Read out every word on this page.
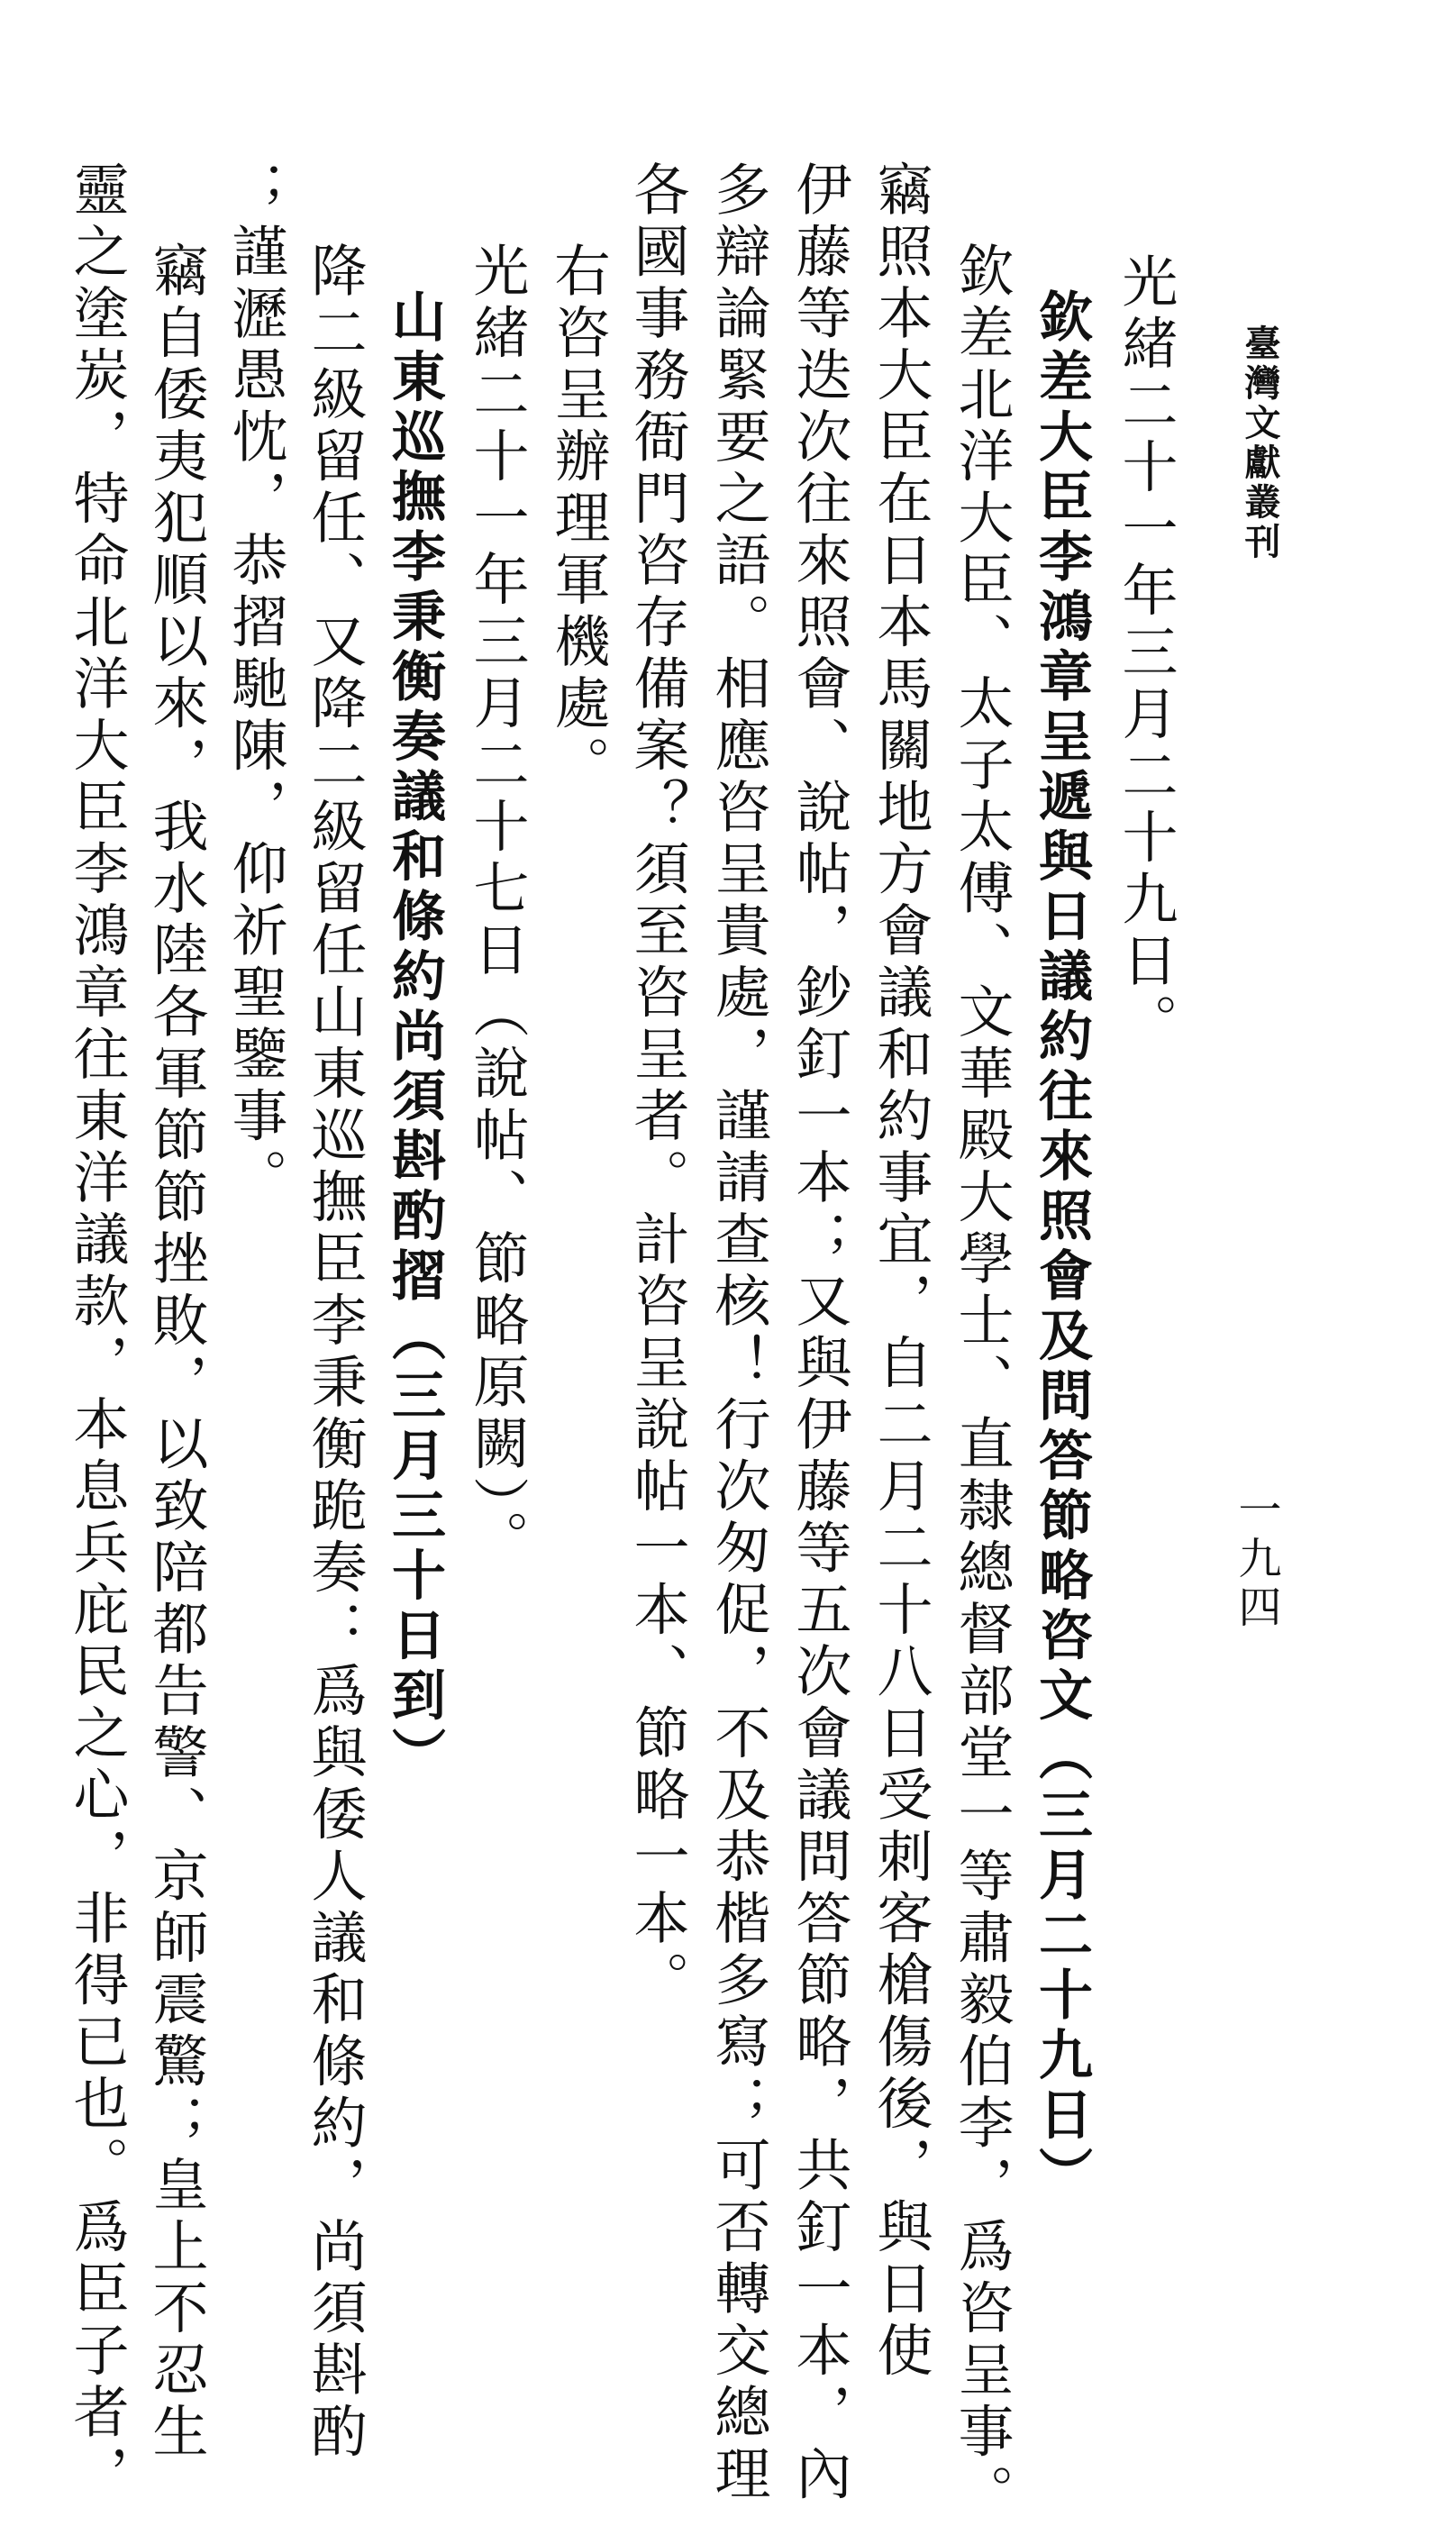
臺灣文獻叢刊
一九四
光緒二十一年三月二十九日。
欽差大臣李鴻章呈遞與日議約往來照會及問答節略咨文（三月二十九日）
欽差北洋大臣、太子太傅、文華殿大學士、直隸總督部堂一等肅毅伯李，爲咨呈事。
竊照本大臣在日本馬關地方會議和約事宜，自二月二十八日受刺客槍傷後，與日使
伊藤等迭次往來照會、說帖，鈔釘一本；又與伊藤等五次會議問答節略，共釘一本，內
多辯論緊要之語。相應咨呈貴處，謹請查核！行次匆促，不及恭楷多寫；可否轉交總理
各國事務衙門咨存備案？須至咨呈者。計咨呈說帖一本、節略一本。
右咨呈辦理軍機處。
光緒二十一年三月二十七日（說帖、節略原闕）。
山東巡撫李秉衡奏議和條約尚須斟酌摺（三月三十日到）
降二級留任、又降二級留任山東巡撫臣李秉衡跪奏：爲與倭人議和條約，尚須斟酌
；謹瀝愚忱，恭摺馳陳，仰祈聖鑒事。
竊自倭夷犯順以來，我水陸各軍節節挫敗，以致陪都告警、京師震驚；皇上不忍生
靈之塗炭，特命北洋大臣李鴻章往東洋議款，本息兵庇民之心，非得已也。爲臣子者，
